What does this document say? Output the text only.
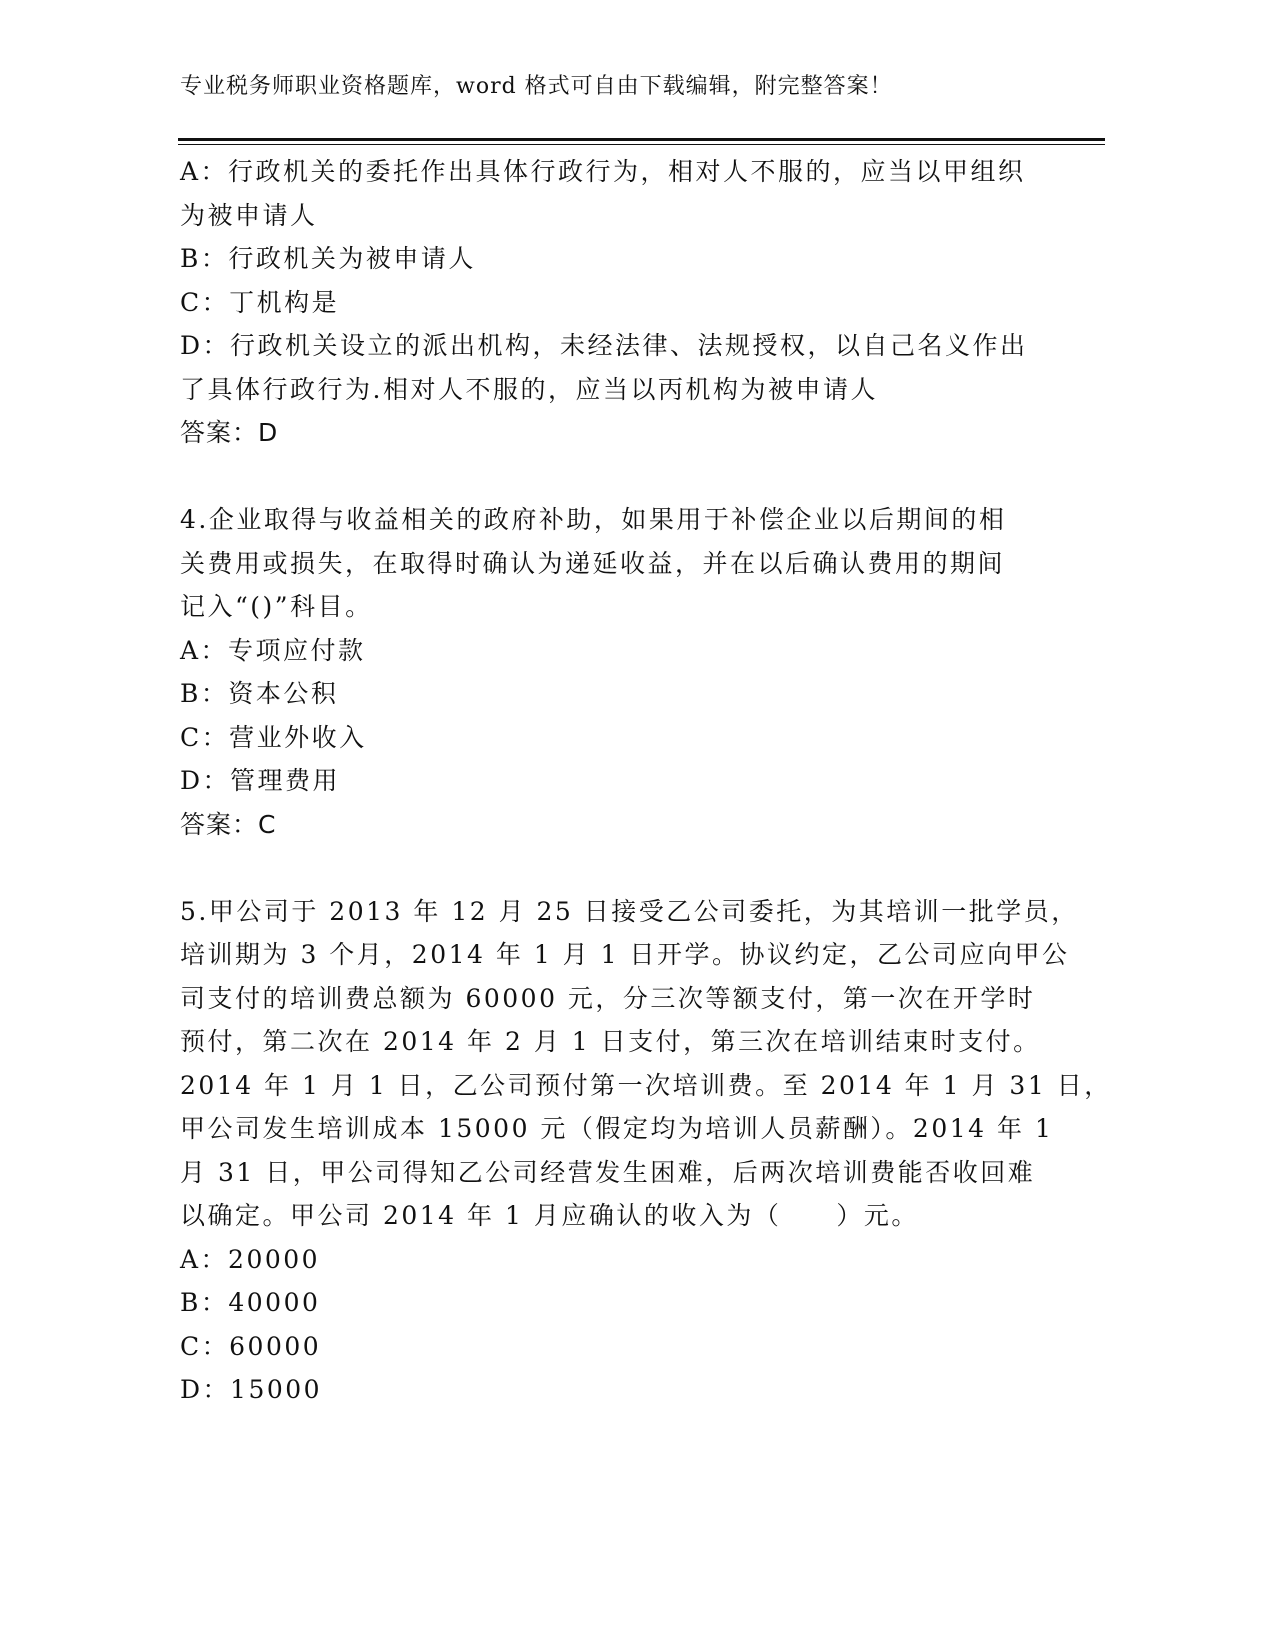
专业税务师职业资格题库，word 格式可自由下载编辑，附完整答案！
A：行政机关的委托作出具体行政行为，相对人不服的，应当以甲组织
为被申请人
B：行政机关为被申请人
C：丁机构是
D：行政机关设立的派出机构，未经法律、法规授权，以自己名义作出
了具体行政行为.相对人不服的，应当以丙机构为被申请人
答案：D
4.企业取得与收益相关的政府补助，如果用于补偿企业以后期间的相
关费用或损失，在取得时确认为递延收益，并在以后确认费用的期间
记入“()”科目。
A：专项应付款
B：资本公积
C：营业外收入
D：管理费用
答案：C
5.甲公司于 2013 年 12 月 25 日接受乙公司委托，为其培训一批学员，
培训期为 3 个月，2014 年 1 月 1 日开学。协议约定，乙公司应向甲公
司支付的培训费总额为 60000 元，分三次等额支付，第一次在开学时
预付，第二次在 2014 年 2 月 1 日支付，第三次在培训结束时支付。
2014 年 1 月 1 日，乙公司预付第一次培训费。至 2014 年 1 月 31 日，
甲公司发生培训成本 15000 元（假定均为培训人员薪酬）。2014 年 1
月 31 日，甲公司得知乙公司经营发生困难，后两次培训费能否收回难
以确定。甲公司 2014 年 1 月应确认的收入为（　　）元。
A：20000
B：40000
C：60000
D：15000
